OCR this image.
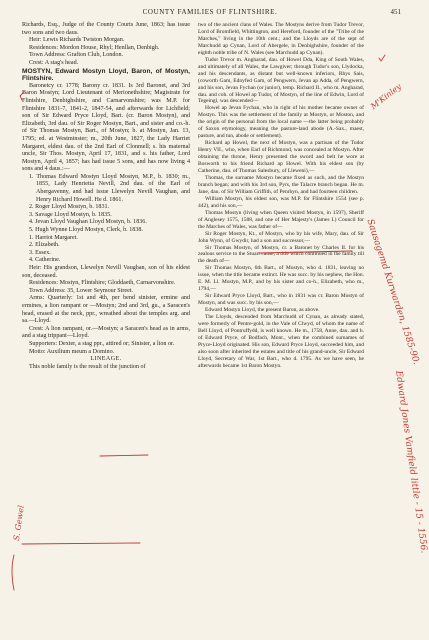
COUNTY FAMILIES OF FLINTSHIRE.	451

Richards, Esq., Judge of the County Courts June, 1863; has issue two sons and two daus.

Heir: Lewis Richards Twiston Morgan.

Residences: Mordon House, Rhyl; Henllan, Denbigh.

Town Address: Grafton Club, London.

Crest: A stag's head.

MOSTYN, Edward Mostyn Lloyd, Baron, of Mostyn, Flintshire.

Baronetcy cr. 1778; Barony cr. 1831. Is 3rd Baronet, and 3rd Baron Mostyn; Lord Lieutenant of Merionethshire; Magistrate for Flintshire, Denbighshire, and Carnarvonshire; was M.P. for Flintshire 1831-7, 1841-2, 1847-54, and afterwards for Lichfield; son of Sir Edward Pryce Lloyd, Bart. (cr. Baron Mostyn), and Elizabeth, 3rd dau. of Sir Roger Mostyn, Bart., and sister and co.-h. of Sir Thomas Mostyn, Bart., of Mostyn; b. at Mostyn, Jan. 13, 1795; ed. at Westminster; m., 20th June, 1827, the Lady Harriet Margaret, eldest dau. of the 2nd Earl of Clonmell; s. his maternal uncle, Sir Thos. Mostyn, April 17, 1831, and s. his father, Lord Mostyn, April 4, 1857; has had issue 5 sons, and has now living 4 sons and 4 daus.:—

1. Thomas Edward Mostyn Lloyd Mostyn, M.P., b. 1830; m., 1855, Lady Henrietta Nevill, 2nd dau. of the Earl of Abergavenny, and had issue Llewelyn Nevill Vaughan, and Henry Richard Howell. He d. 1861.

2. Roger Lloyd Mostyn, b. 1831.

3. Savage Lloyd Mostyn, b. 1835.

4. Jevan Lloyd Vaughan Lloyd Mostyn, b. 1836.

5. Hugh Wynne Lloyd Mostyn, Clerk, b. 1838.

1. Harriot Margaret.

2. Elizabeth.

3. Essex.

4. Catherine.

Heir: His grandson, Llewelyn Nevill Vaughan, son of his eldest son, deceased.

Residences: Mostyn, Flintshire; Gloddaeth, Carnarvonshire.

Town Address: 35, Lower Seymour Street.

Arms: Quarterly: 1st and 4th, per bend sinister, ermine and ermines, a lion rampant or —Mostyn; 2nd and 3rd, gu., a Saracen's head, erased at the neck, ppr., wreathed about the temples arg. and sa.—Lloyd.

Crest: A lion rampant, or.—Mostyn; a Saracen's head as in arms, and a stag trippant—Lloyd.

Supporters: Dexter, a stag ppr., attired or; Sinister, a lion or.

Motto: Auxilium meum a Domino.

LINEAGE.

This noble family is the result of the junction of

two of the ancient clans of Wales. The Mostyns derive from Tudor Trevor, Lord of Bromfield, Whittington, and Hereford, founder of the "Tribe of the Marches," living in the 10th cent.; and the Lloyds are of the sept of Marchudd ap Cynan, Lord of Abergele, in Denbighshire, founder of the eighth noble tribe of N. Wales (see Marchudd ap Cynan).

Tudor Trevor m. Angharad, dau. of Howel Dda, King of South Wales, and ultimately of all Wales, the Lawgiver; through Tudor's son, Llydocka, and his descendants, as distant but well-known inferiors, Rhys Sais, (coworth Gam, Ednyfed Gam, of Pengwern, Jevan ap Adda, of Pengwern, and his son, Jevan Fychan (or junior), temp. Richard II., who m. Angharad, dau. and coh. of Howel ap Tudor, of Mostyn, of the line of Edwin, Lord of Tegeingl, was descended—

Howel ap Jevan Fychan, who in right of his mother became owner of Mostyn. This was the settlement of the family at Mostyn, or Moston, and the origin of the personal from the local name —the latter being probably of Saxon etymology, meaning the pasture-land abode (A.-Sax., maest, pasture, and tun, abode or settlement).

Richard ap Howel, the next of Mostyn, was a partisan of the Tudor Henry VII., who, when Earl of Richmond, was concealed at Mostyn. After obtaining the throne, Henry presented the sword and belt he wore at Bosworth to his friend Richard ap Howel. With his eldest son (by Catherine, dau. of Thomas Salesbury, of Lleweni),—

Thomas, the surname Mostyn became fixed as such, and the Mostyn branch began; and with his 3rd son, Pyrs, the Talacre branch began. He m. Jane, dau. of Sir William Griffith, of Penrhyn, and had fourteen children.

William Mostyn, his eldest son, was M.P. for Flintshire 1554 (see p. 442), and his son,—

Thomas Mostyn (living when Queen visited Mostyn, in 1597), Sheriff of Anglesey 1575, 1588, and one of Her Majesty's (James I.) Council for the Marches of Wales, was father of—

Sir Roger Mostyn, Kt., of Mostyn, who by his wife, Mary, dau. of Sir John Wynn, of Gwydir, had a son and successor,—

Sir Thomas Mostyn, of Mostyn, cr. a Baronet by Charles II. for his zealous service to the Stuart cause, a title which continued in the family till the death of—

Sir Thomas Mostyn, 6th Bart., of Mostyn, who d. 1831, leaving no issue, when the title became extinct. He was succ. by his nephew, the Hon. E. M. Ll. Mostyn, M.P., and by his sister and co-h., Elizabeth, who m., 1794,—

Sir Edward Pryce Lloyd, Bart., who in 1831 was cr. Baron Mostyn of Mostyn, and was succ. by his son,—

Edward Mostyn Lloyd, the present Baron, as above.

The Lloyds, descended from Marchudd of Cynan, as already stated, were formerly of Pentre-gold, in the Vale of Clwyd, of whom the name of Bell Lloyd, of Pontruffydd, is well known. He m., 1758, Anne, dau. and h. of Edward Pryce, of Bodfach, Mont., when the combined surnames of Pryce-Lloyd originated. His son, Edward Pryce Lloyd, succeeded him, and also soon after inherited the estates and title of his grand-uncle, Sir Edward Lloyd, Secretary of War, 1st Bart., who d. 1795. As we have seen, he afterwards became 1st Baron Mostyn.

M'Kinley
Sausagemd Kurwarden, 1585-90.
Edward Jones Vamfield little - 15 - 1556.
S. Gewel
